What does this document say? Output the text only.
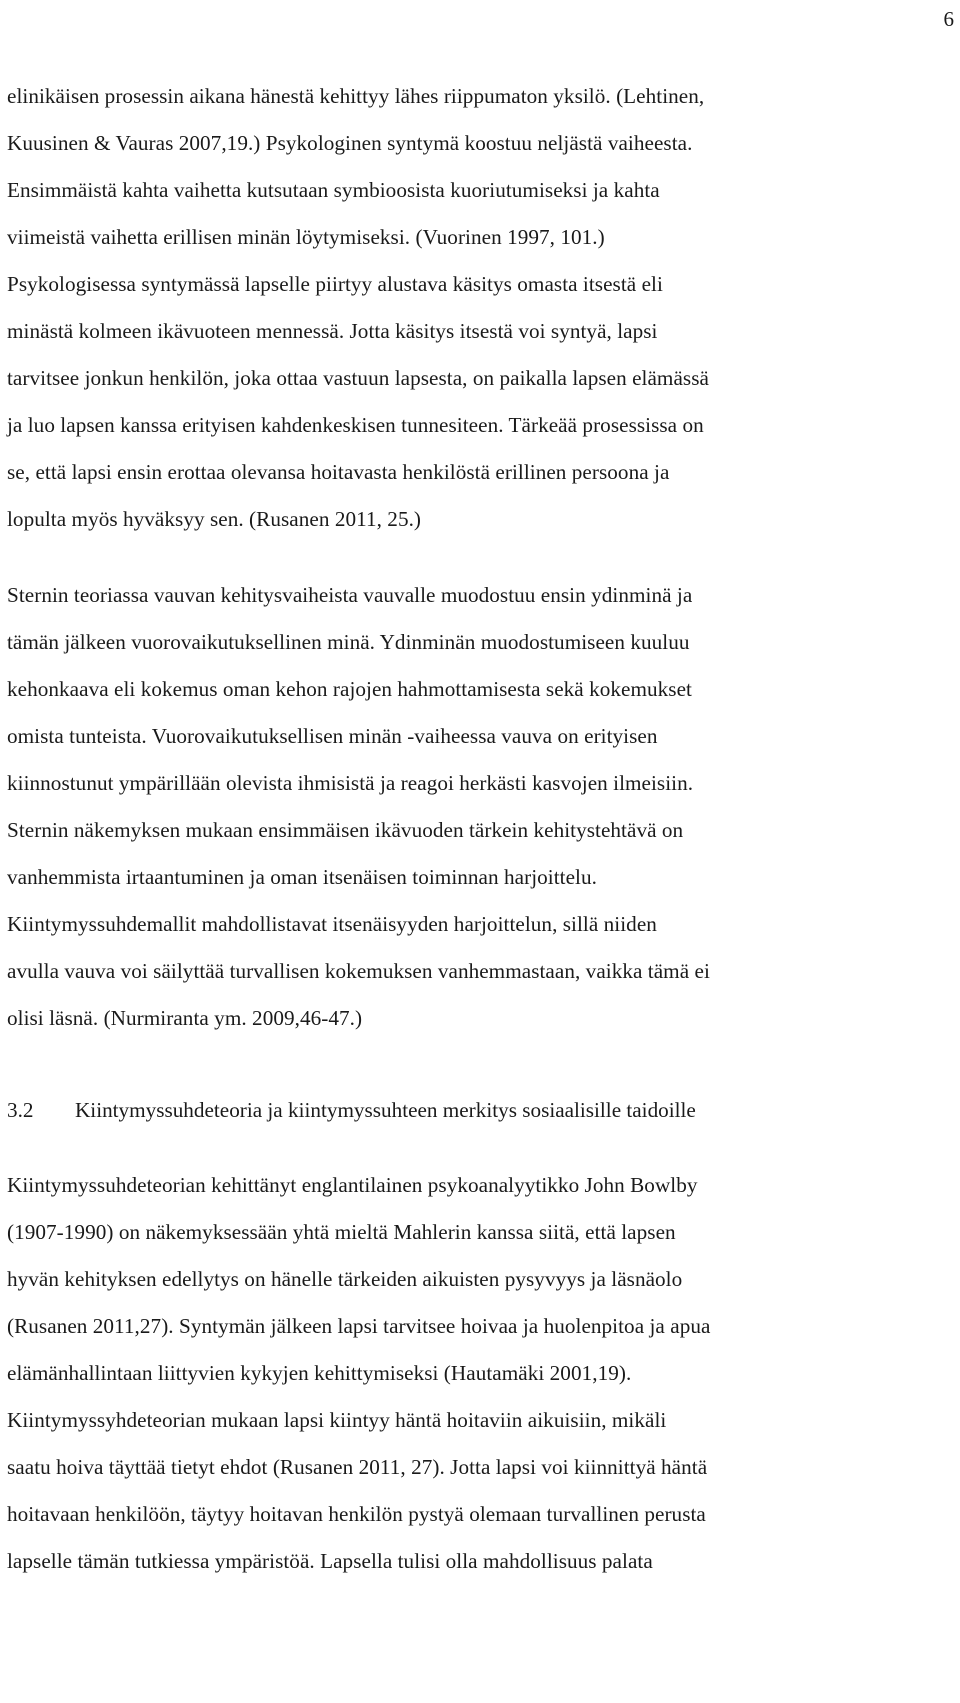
6
elinikäisen prosessin aikana hänestä kehittyy lähes riippumaton yksilö. (Lehtinen,
Kuusinen & Vauras 2007,19.) Psykologinen syntymä koostuu neljästä vaiheesta.
Ensimmäistä kahta vaihetta kutsutaan symbioosista kuoriutumiseksi ja kahta
viimeistä vaihetta erillisen minän löytymiseksi. (Vuorinen 1997, 101.)
Psykologisessa syntymässä lapselle piirtyy alustava käsitys omasta itsestä eli
minästä kolmeen ikävuoteen mennessä. Jotta käsitys itsestä voi syntyä, lapsi
tarvitsee jonkun henkilön, joka ottaa vastuun lapsesta, on paikalla lapsen elämässä
ja luo lapsen kanssa erityisen kahdenkeskisen tunnesiteen. Tärkeää prosessissa on
se, että lapsi ensin erottaa olevansa hoitavasta henkilöstä erillinen persoona ja
lopulta myös hyväksyy sen. (Rusanen 2011, 25.)
Sternin teoriassa vauvan kehitysvaiheista vauvalle muodostuu ensin ydinminä ja
tämän jälkeen vuorovaikutuksellinen minä. Ydinminän muodostumiseen kuuluu
kehonkaava eli kokemus oman kehon rajojen hahmottamisesta sekä kokemukset
omista tunteista. Vuorovaikutuksellisen minän -vaiheessa vauva on erityisen
kiinnostunut ympärillään olevista ihmisistä ja reagoi herkästi kasvojen ilmeisiin.
Sternin näkemyksen mukaan ensimmäisen ikävuoden tärkein kehitystehtävä on
vanhemmista irtaantuminen ja oman itsenäisen toiminnan harjoittelu.
Kiintymyssuhdemallit mahdollistavat itsenäisyyden harjoittelun, sillä niiden
avulla vauva voi säilyttää turvallisen kokemuksen vanhemmastaan, vaikka tämä ei
olisi läsnä. (Nurmiranta ym. 2009,46-47.)
3.2 Kiintymyssuhdeteoria ja kiintymyssuhteen merkitys sosiaalisille taidoille
Kiintymyssuhdeteorian kehittänyt englantilainen psykoanalyytikko John Bowlby
(1907-1990) on näkemyksessään yhtä mieltä Mahlerin kanssa siitä, että lapsen
hyvän kehityksen edellytys on hänelle tärkeiden aikuisten pysyvyys ja läsnäolo
(Rusanen 2011,27). Syntymän jälkeen lapsi tarvitsee hoivaa ja huolenpitoa ja apua
elämänhallintaan liittyvien kykyjen kehittymiseksi (Hautamäki 2001,19).
Kiintymyssyhdeteorian mukaan lapsi kiintyy häntä hoitaviin aikuisiin, mikäli
saatu hoiva täyttää tietyt ehdot (Rusanen 2011, 27). Jotta lapsi voi kiinnittyä häntä
hoitavaan henkilöön, täytyy hoitavan henkilön pystyä olemaan turvallinen perusta
lapselle tämän tutkiessa ympäristöä. Lapsella tulisi olla mahdollisuus palata
